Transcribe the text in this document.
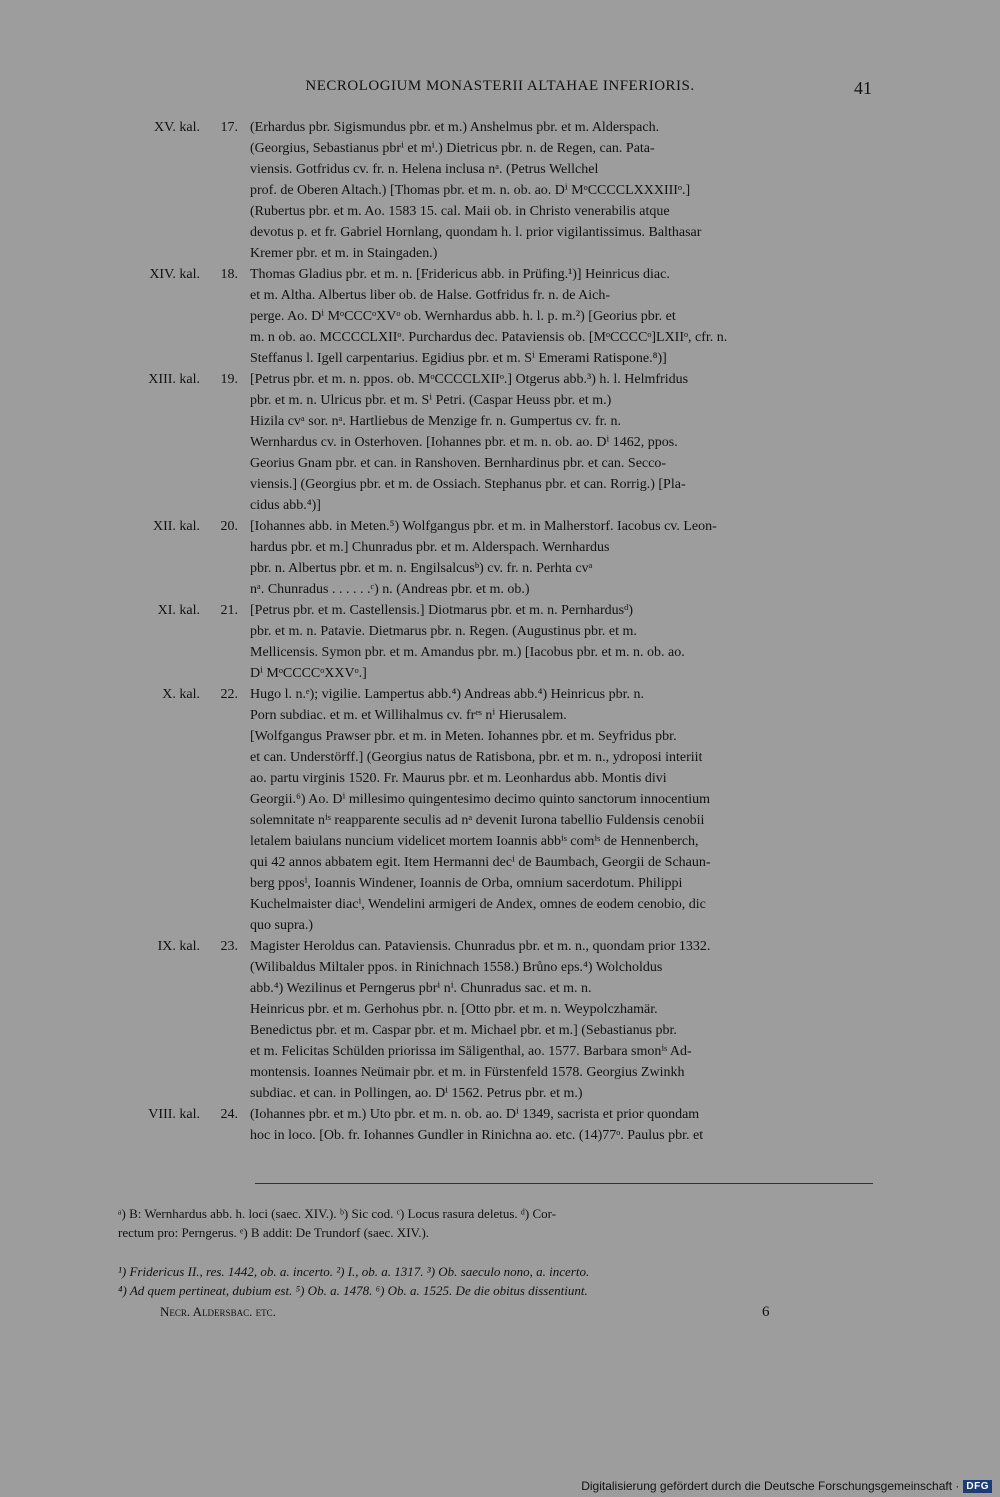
NECROLOGIUM MONASTERII ALTAHAE INFERIORIS.	41
XV. kal.	17. (Erhardus pbr. Sigismundus pbr. et m.) Anshelmus pbr. et m. Alderspach.
(Georgius, Sebastianus pbrⁱ et mⁱ.) Dietricus pbr. n. de Regen, can. Pata-
viensis. Gotfridus cv. fr. n. Helena inclusa nᵃ. (Petrus Wellchel
prof. de Oberen Altach.) [Thomas pbr. et m. n. ob. ao. Dⁱ MᵒCCCCLXXXIIIᵒ.]
(Rubertus pbr. et m. Ao. 1583 15. cal. Maii ob. in Christo venerabilis atque
devotus p. et fr. Gabriel Hornlang, quondam h. l. prior vigilantissimus. Balthasar
Kremer pbr. et m. in Staingaden.)
XIV. kal.	18. Thomas Gladius pbr. et m. n. [Fridericus abb. in Prüfing.¹)] Heinricus diac.
et m. Altha. Albertus liber ob. de Halse. Gotfridus fr. n. de Aich-
perge. Ao. Dⁱ MᵒCCCᵒXVᵒ ob. Wernhardus abb. h. l. p. m.²) [Georius pbr. et
m. n ob. ao. MCCCCLXIIᵒ. Purchardus dec. Pataviensis ob. [MᵒCCCCᵒ]LXIIᵒ, cfr. n.
Steffanus l. Igell carpentarius. Egidius pbr. et m. Sⁱ Emerami Ratispone.⁸)]
XIII. kal.	19. [Petrus pbr. et m. n. ppos. ob. MᵒCCCCLXIIᵒ.] Otgerus abb.³) h. l. Helmfridus
pbr. et m. n. Ulricus pbr. et m. Sⁱ Petri. (Caspar Heuss pbr. et m.)
Hizila cvᵃ sor. nᵃ. Hartliebus de Menzige fr. n. Gumpertus cv. fr. n.
Wernhardus cv. in Osterhoven. [Iohannes pbr. et m. n. ob. ao. Dⁱ 1462, ppos.
Georius Gnam pbr. et can. in Ranshoven. Bernhardinus pbr. et can. Secco-
viensis.] (Georgius pbr. et m. de Ossiach. Stephanus pbr. et can. Rorrig.) [Pla-
cidus abb.⁴)]
XII. kal.	20. [Iohannes abb. in Meten.⁵) Wolfgangus pbr. et m. in Malherstorf. Iacobus cv. Leon-
hardus pbr. et m.] Chunradus pbr. et m. Alderspach. Wernhardus
pbr. n. Albertus pbr. et m. n. Engilsalcusᵇ) cv. fr. n. Perhta cvᵃ
nᵃ. Chunradus . . . . . .ᶜ) n. (Andreas pbr. et m. ob.)
XI. kal.	21. [Petrus pbr. et m. Castellensis.] Diotmarus pbr. et m. n. Pernhardusᵈ)
pbr. et m. n. Patavie. Dietmarus pbr. n. Regen. (Augustinus pbr. et m.
Mellicensis. Symon pbr. et m. Amandus pbr. m.) [Iacobus pbr. et m. n. ob. ao.
Dⁱ MᵒCCCCᵒXXVᵒ.]
X. kal.	22. Hugo l. n.ᵉ); vigilie. Lampertus abb.⁴) Andreas abb.⁴) Heinricus pbr. n.
Porn subdiac. et m. et Willihalmus cv. frᵉˢ nⁱ Hierusalem.
[Wolfgangus Prawser pbr. et m. in Meten. Iohannes pbr. et m. Seyfridus pbr.
et can. Understörff.] (Georgius natus de Ratisbona, pbr. et m. n., ydroposi interiit
ao. partu virginis 1520. Fr. Maurus pbr. et m. Leonhardus abb. Montis divi
Georgii.⁶) Ao. Dⁱ millesimo quingentesimo decimo quinto sanctorum innocentium
solemnitate nⁱˢ reapparente seculis ad nᵃ devenit Iurona tabellio Fuldensis cenobii
letalem baiulans nuncium videlicet mortem Ioannis abbⁱˢ comⁱˢ de Hennenberch,
qui 42 annos abbatem egit. Item Hermanni decⁱ de Baumbach, Georgii de Schaun-
berg pposⁱ, Ioannis Windener, Ioannis de Orba, omnium sacerdotum. Philippi
Kuchelmaister diacⁱ, Wendelini armigeri de Andex, omnes de eodem cenobio, dic
quo supra.)
IX. kal.	23. Magister Heroldus can. Pataviensis. Chunradus pbr. et m. n., quondam prior 1332.
(Wilibaldus Miltaler ppos. in Rinichnach 1558.) Brůno eps.⁴) Wolcholdus
abb.⁴) Wezilinus et Perngerus pbrⁱ nⁱ. Chunradus sac. et m. n.
Heinricus pbr. et m. Gerhohus pbr. n. [Otto pbr. et m. n. Weypolczhamär.
Benedictus pbr. et m. Caspar pbr. et m. Michael pbr. et m.] (Sebastianus pbr.
et m. Felicitas Schülden priorissa im Säligenthal, ao. 1577. Barbara smonⁱˢ Ad-
montensis. Ioannes Neümair pbr. et m. in Fürstenfeld 1578. Georgius Zwinkh
subdiac. et can. in Pollingen, ao. Dⁱ 1562. Petrus pbr. et m.)
VIII. kal.	24. (Iohannes pbr. et m.) Uto pbr. et m. n. ob. ao. Dⁱ 1349, sacrista et prior quondam
hoc in loco. [Ob. fr. Iohannes Gundler in Rinichna ao. etc. (14)77ᵒ. Paulus pbr. et
ᵃ) B: Wernhardus abb. h. loci (saec. XIV.). ᵇ) Sic cod. ᶜ) Locus rasura deletus. ᵈ) Cor-
rectum pro: Perngerus. ᵉ) B addit: De Trundorf (saec. XIV.).
¹) Fridericus II., res. 1442, ob. a. incerto. ²) I., ob. a. 1317. ³) Ob. saeculo nono, a. incerto.
⁴) Ad quem pertineat, dubium est. ⁵) Ob. a. 1478. ⁶) Ob. a. 1525. De die obitus dissentiunt.
Necr. Aldersbac. etc.	6
Digitalisierung gefördert durch die Deutsche Forschungsgemeinschaft · DFG
